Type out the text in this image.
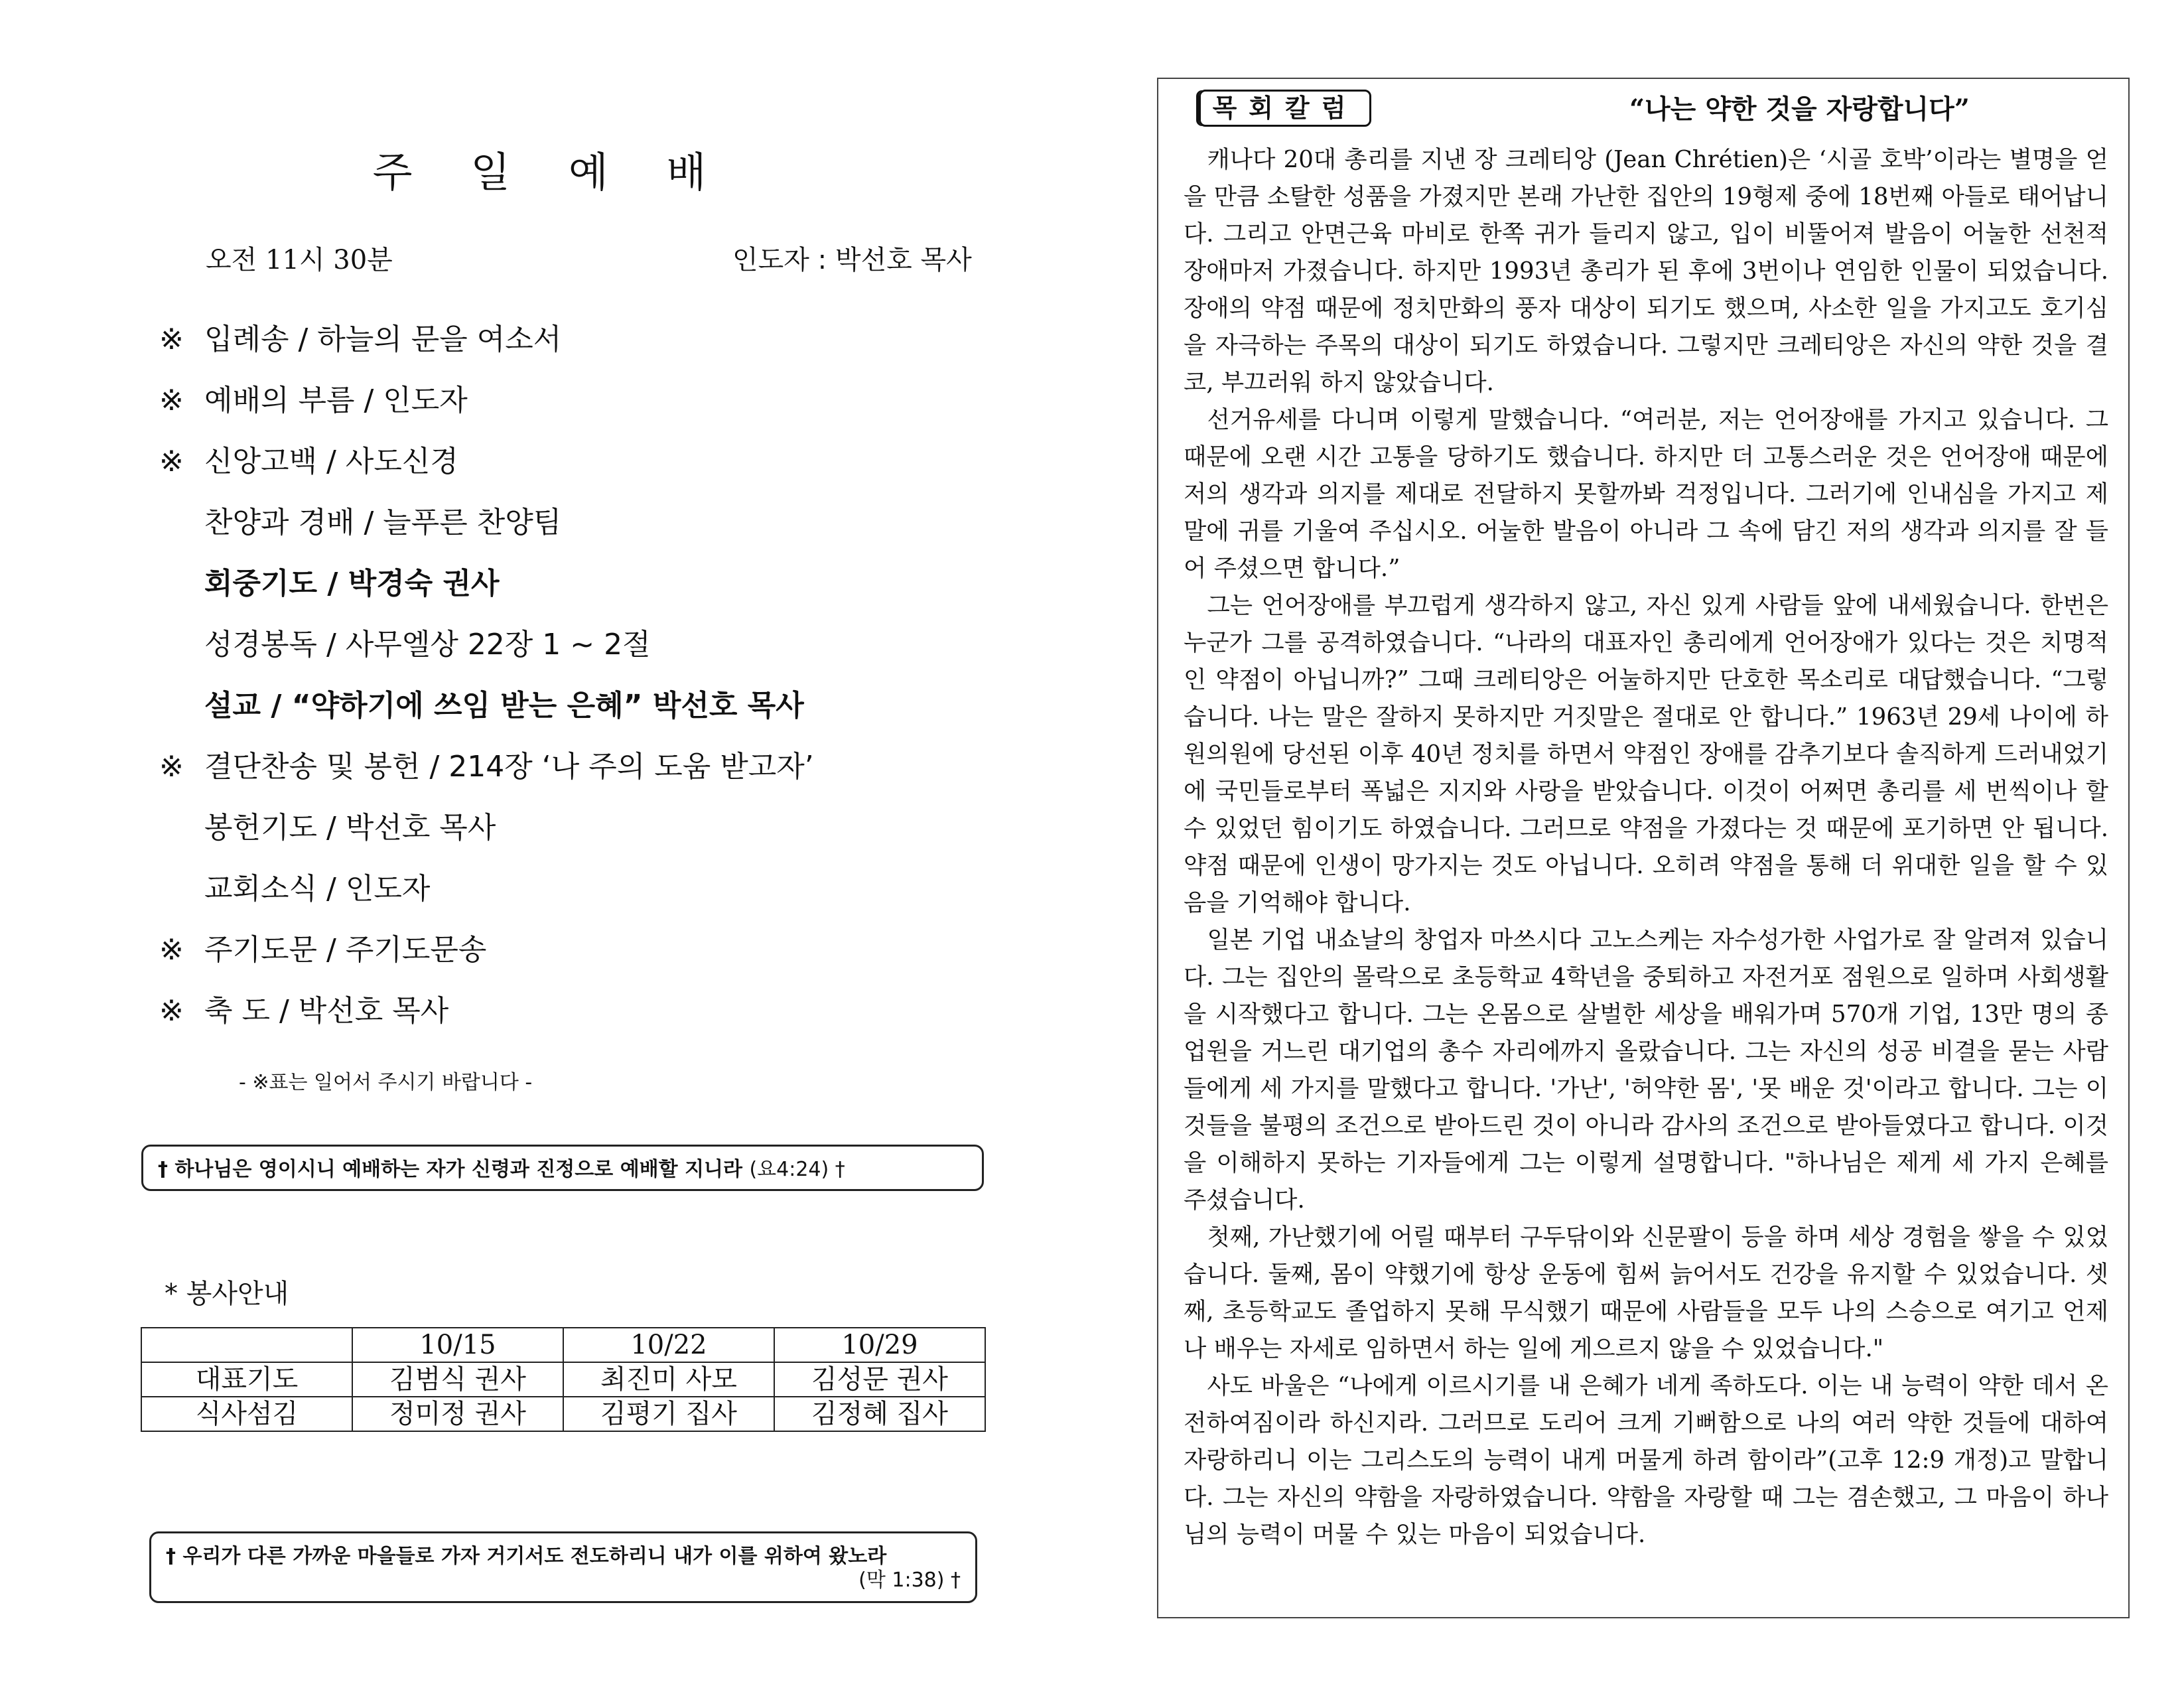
주 일 예 배
오전 11시 30분	인도자 : 박선호 목사
※ 입례송 / 하늘의 문을 여소서
※ 예배의 부름 / 인도자
※ 신앙고백 / 사도신경
찬양과 경배 / 늘푸른 찬양팀
회중기도 / 박경숙 권사
성경봉독 / 사무엘상 22장 1 ~ 2절
설교 / “약하기에 쓰임 받는 은혜” 박선호 목사
※ 결단찬송 및 봉헌 / 214장 ‘나 주의 도움 받고자’
봉헌기도 / 박선호 목사
교회소식 / 인도자
※ 주기도문 / 주기도문송
※ 축 도 / 박선호 목사
- ※표는 일어서 주시기 바랍니다 -
† 하나님은 영이시니 예배하는 자가 신령과 진정으로 예배할 지니라 (요4:24) †
* 봉사안내
	10/15	10/22	10/29
대표기도	김범식 권사	최진미 사모	김성문 권사
식사섬김	정미정 권사	김평기 집사	김정혜 집사
† 우리가 다른 가까운 마을들로 가자 거기서도 전도하리니 내가 이를 위하여 왔노라
(막 1:38) †
목회칼럼	“나는 약한 것을 자랑합니다”

캐나다 20대 총리를 지낸 장 크레티앙 (Jean Chrétien)은 ‘시골 호박’이라는 별명을 얻을 만큼 소탈한 성품을 가졌지만 본래 가난한 집안의 19형제 중에 18번째 아들로 태어납니다. 그리고 안면근육 마비로 한쪽 귀가 들리지 않고, 입이 비뚤어져 발음이 어눌한 선천적 장애마저 가졌습니다. 하지만 1993년 총리가 된 후에 3번이나 연임한 인물이 되었습니다. 장애의 약점 때문에 정치만화의 풍자 대상이 되기도 했으며, 사소한 일을 가지고도 호기심을 자극하는 주목의 대상이 되기도 하였습니다. 그렇지만 크레티앙은 자신의 약한 것을 결코, 부끄러워 하지 않았습니다.

선거유세를 다니며 이렇게 말했습니다. “여러분, 저는 언어장애를 가지고 있습니다. 그 때문에 오랜 시간 고통을 당하기도 했습니다. 하지만 더 고통스러운 것은 언어장애 때문에 저의 생각과 의지를 제대로 전달하지 못할까봐 걱정입니다. 그러기에 인내심을 가지고 제 말에 귀를 기울여 주십시오. 어눌한 발음이 아니라 그 속에 담긴 저의 생각과 의지를 잘 들어 주셨으면 합니다.”

그는 언어장애를 부끄럽게 생각하지 않고, 자신 있게 사람들 앞에 내세웠습니다. 한번은 누군가 그를 공격하였습니다. “나라의 대표자인 총리에게 언어장애가 있다는 것은 치명적인 약점이 아닙니까?” 그때 크레티앙은 어눌하지만 단호한 목소리로 대답했습니다. “그렇습니다. 나는 말은 잘하지 못하지만 거짓말은 절대로 안 합니다.” 1963년 29세 나이에 하원의원에 당선된 이후 40년 정치를 하면서 약점인 장애를 감추기보다 솔직하게 드러내었기에 국민들로부터 폭넓은 지지와 사랑을 받았습니다. 이것이 어쩌면 총리를 세 번씩이나 할 수 있었던 힘이기도 하였습니다. 그러므로 약점을 가졌다는 것 때문에 포기하면 안 됩니다. 약점 때문에 인생이 망가지는 것도 아닙니다. 오히려 약점을 통해 더 위대한 일을 할 수 있음을 기억해야 합니다.

일본 기업 내쇼날의 창업자 마쓰시다 고노스케는 자수성가한 사업가로 잘 알려져 있습니다. 그는 집안의 몰락으로 초등학교 4학년을 중퇴하고 자전거포 점원으로 일하며 사회생활을 시작했다고 합니다. 그는 온몸으로 살벌한 세상을 배워가며 570개 기업, 13만 명의 종업원을 거느린 대기업의 총수 자리에까지 올랐습니다. 그는 자신의 성공 비결을 묻는 사람들에게 세 가지를 말했다고 합니다. '가난', '허약한 몸', '못 배운 것'이라고 합니다. 그는 이것들을 불평의 조건으로 받아드린 것이 아니라 감사의 조건으로 받아들였다고 합니다. 이것을 이해하지 못하는 기자들에게 그는 이렇게 설명합니다. "하나님은 제게 세 가지 은혜를 주셨습니다.

첫째, 가난했기에 어릴 때부터 구두닦이와 신문팔이 등을 하며 세상 경험을 쌓을 수 있었습니다. 둘째, 몸이 약했기에 항상 운동에 힘써 늙어서도 건강을 유지할 수 있었습니다. 셋째, 초등학교도 졸업하지 못해 무식했기 때문에 사람들을 모두 나의 스승으로 여기고 언제나 배우는 자세로 임하면서 하는 일에 게으르지 않을 수 있었습니다."

사도 바울은 “나에게 이르시기를 내 은혜가 네게 족하도다. 이는 내 능력이 약한 데서 온전하여짐이라 하신지라. 그러므로 도리어 크게 기뻐함으로 나의 여러 약한 것들에 대하여 자랑하리니 이는 그리스도의 능력이 내게 머물게 하려 함이라”(고후 12:9 개정)고 말합니다. 그는 자신의 약함을 자랑하였습니다. 약함을 자랑할 때 그는 겸손했고, 그 마음이 하나님의 능력이 머물 수 있는 마음이 되었습니다.
